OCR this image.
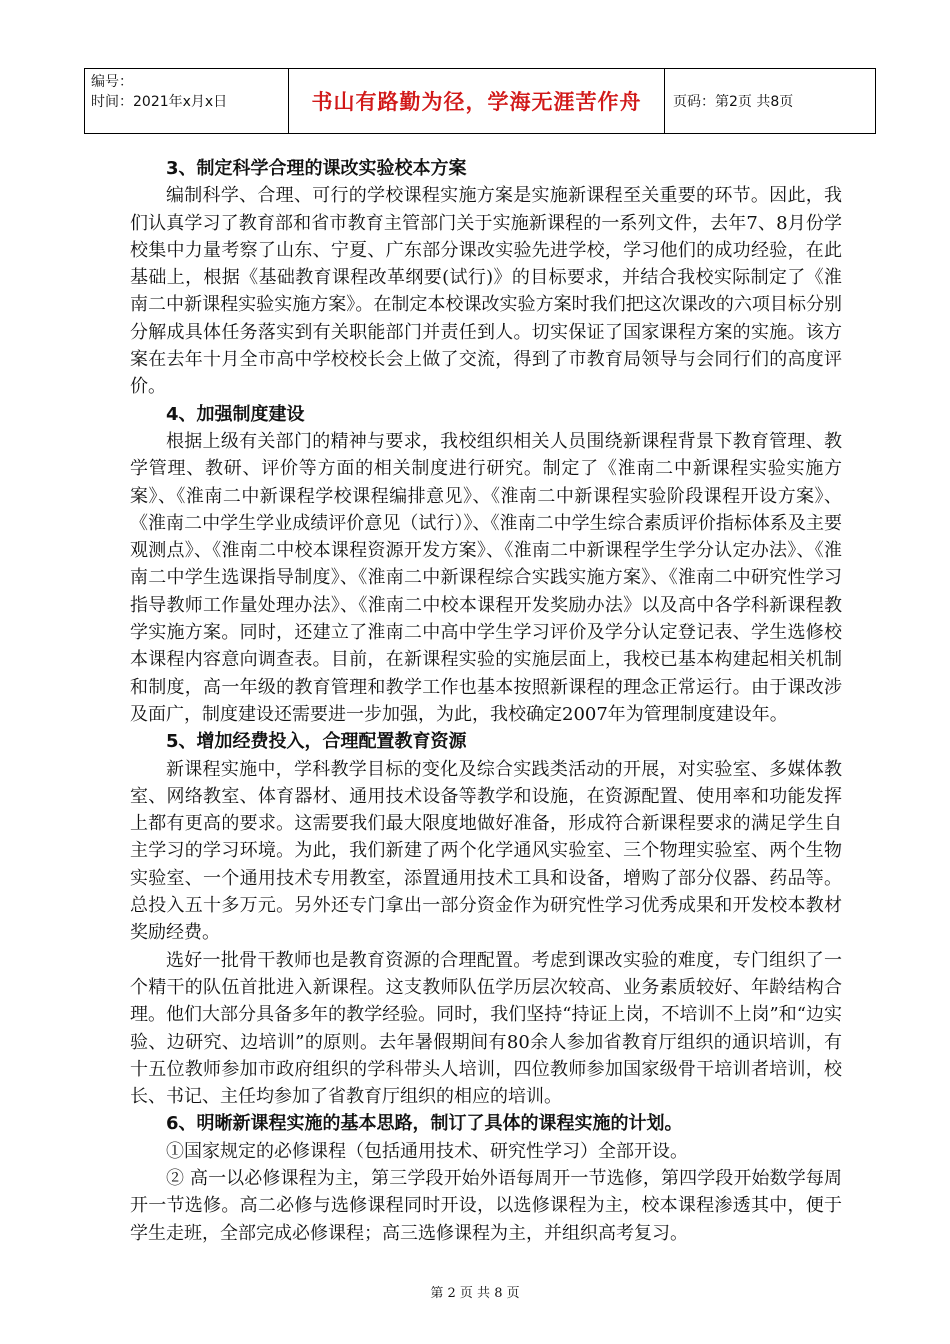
编号：
时间：2021年x月x日	书山有路勤为径，学海无涯苦作舟	页码：第2页 共8页
3、制定科学合理的课改实验校本方案

编制科学、合理、可行的学校课程实施方案是实施新课程至关重要的环节。因此，我们认真学习了教育部和省市教育主管部门关于实施新课程的一系列文件，去年7、8月份学校集中力量考察了山东、宁夏、广东部分课改实验先进学校，学习他们的成功经验，在此基础上，根据《基础教育课程改革纲要(试行)》的目标要求，并结合我校实际制定了《淮南二中新课程实验实施方案》。在制定本校课改实验方案时我们把这次课改的六项目标分别分解成具体任务落实到有关职能部门并责任到人。切实保证了国家课程方案的实施。该方案在去年十月全市高中学校校长会上做了交流，得到了市教育局领导与会同行们的高度评价。

4、加强制度建设

根据上级有关部门的精神与要求，我校组织相关人员围绕新课程背景下教育管理、教学管理、教研、评价等方面的相关制度进行研究。制定了《淮南二中新课程实验实施方案》、《淮南二中新课程学校课程编排意见》、《淮南二中新课程实验阶段课程开设方案》、《淮南二中学生学业成绩评价意见（试行）》、《淮南二中学生综合素质评价指标体系及主要观测点》、《淮南二中校本课程资源开发方案》、《淮南二中新课程学生学分认定办法》、《淮南二中学生选课指导制度》、《淮南二中新课程综合实践实施方案》、《淮南二中研究性学习指导教师工作量处理办法》、《淮南二中校本课程开发奖励办法》以及高中各学科新课程教学实施方案。同时，还建立了淮南二中高中学生学习评价及学分认定登记表、学生选修校本课程内容意向调查表。目前，在新课程实验的实施层面上，我校已基本构建起相关机制和制度，高一年级的教育管理和教学工作也基本按照新课程的理念正常运行。由于课改涉及面广，制度建设还需要进一步加强，为此，我校确定2007年为管理制度建设年。

5、增加经费投入，合理配置教育资源

新课程实施中，学科教学目标的变化及综合实践类活动的开展，对实验室、多媒体教室、网络教室、体育器材、通用技术设备等教学和设施，在资源配置、使用率和功能发挥上都有更高的要求。这需要我们最大限度地做好准备，形成符合新课程要求的满足学生自主学习的学习环境。为此，我们新建了两个化学通风实验室、三个物理实验室、两个生物实验室、一个通用技术专用教室，添置通用技术工具和设备，增购了部分仪器、药品等。总投入五十多万元。另外还专门拿出一部分资金作为研究性学习优秀成果和开发校本教材奖励经费。

选好一批骨干教师也是教育资源的合理配置。考虑到课改实验的难度，专门组织了一个精干的队伍首批进入新课程。这支教师队伍学历层次较高、业务素质较好、年龄结构合理。他们大部分具备多年的教学经验。同时，我们坚持“持证上岗，不培训不上岗”和“边实验、边研究、边培训”的原则。去年暑假期间有80余人参加省教育厅组织的通识培训，有十五位教师参加市政府组织的学科带头人培训，四位教师参加国家级骨干培训者培训，校长、书记、主任均参加了省教育厅组织的相应的培训。

6、明晰新课程实施的基本思路，制订了具体的课程实施的计划。

①国家规定的必修课程（包括通用技术、研究性学习）全部开设。

② 高一以必修课程为主，第三学段开始外语每周开一节选修，第四学段开始数学每周开一节选修。高二必修与选修课程同时开设，以选修课程为主，校本课程渗透其中，便于学生走班，全部完成必修课程；高三选修课程为主，并组织高考复习。

第 2 页 共 8 页
